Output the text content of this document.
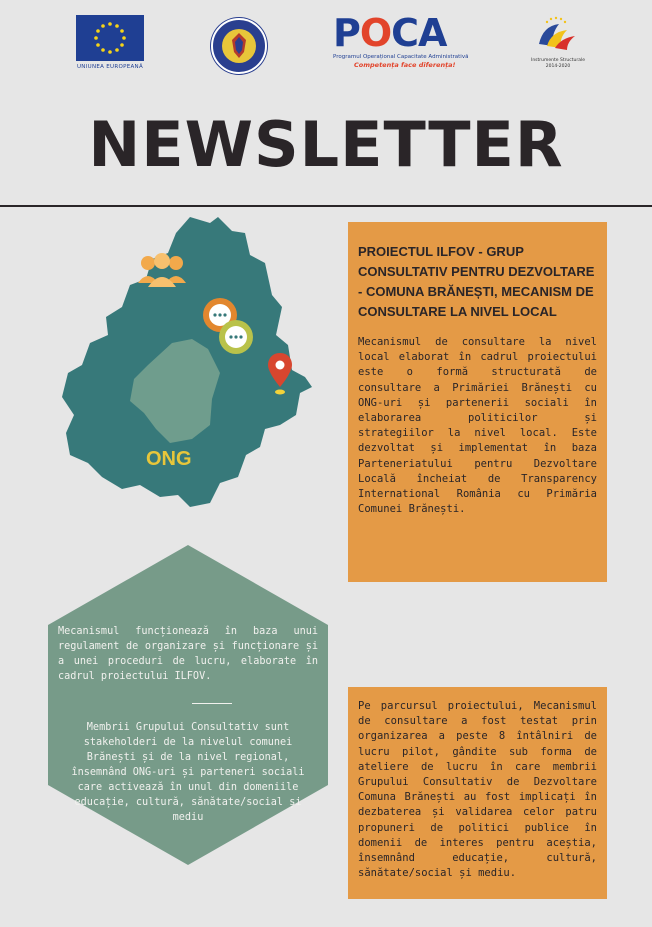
UNIUNEA EUROPEANĂ
POCA
Programul Operațional Capacitate Administrativă
Competența face diferența!
Instrumente Structurale
2014-2020
NEWSLETTER
ONG
PROIECTUL ILFOV - GRUP CONSULTATIV PENTRU DEZVOLTARE - COMUNA BRĂNEȘTI, MECANISM DE CONSULTARE LA NIVEL LOCAL

Mecanismul de consultare la nivel local elaborat în cadrul proiectului este o formă structurată de consultare a Primăriei Brănești cu ONG-uri și partenerii sociali în elaborarea politicilor și strategiilor la nivel local. Este dezvoltat și implementat în baza Parteneriatului pentru Dezvoltare Locală încheiat de Transparency International România cu Primăria Comunei Brănești.

Mecanismul funcționează în baza unui regulament de organizare și funcționare și a unei proceduri de lucru, elaborate în cadrul proiectului ILFOV.
Membrii Grupului Consultativ sunt stakeholderi de la nivelul comunei Brănești și de la nivel regional, însemnând ONG-uri și parteneri sociali care activează în unul din domeniile educație, cultură, sănătate/social și mediu

Pe parcursul proiectului, Mecanismul de consultare a fost testat prin organizarea a peste 8 întâlniri de lucru pilot, gândite sub forma de ateliere de lucru în care membrii Grupului Consultativ de Dezvoltare Comuna Brănești au fost implicați în dezbaterea și validarea celor patru propuneri de politici publice în domenii de interes pentru aceștia, însemnând educație, cultură, sănătate/social și mediu.
